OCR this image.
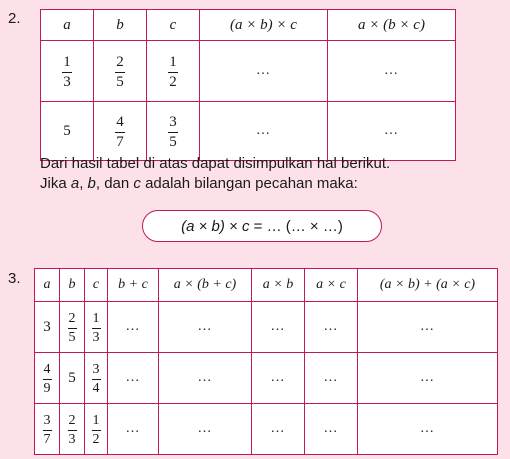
2.	a	b	c	(a × b) × c	a × (b × c)

$\frac{1}{3}$	$\frac{2}{5}$	$\frac{1}{2}$	…	…
5	$\frac{4}{7}$	$\frac{3}{5}$	…	…
Dari hasil tabel di atas dapat disimpulkan hal berikut.
Jika a, b, dan c adalah bilangan pecahan maka:
(a × b) × c = … (… × …)
3. a	b	c	b + c	a × (b + c)	a × b	a × c	(a × b) + (a × c)
3	$\frac{2}{5}$	$\frac{1}{3}$	…	…	…	…	…

$\frac{4}{9}$	5	$\frac{3}{4}$	…	…	…	…	…

$\frac{3}{7}$	$\frac{2}{3}$	$\frac{1}{2}$	…	…	…	…	…
